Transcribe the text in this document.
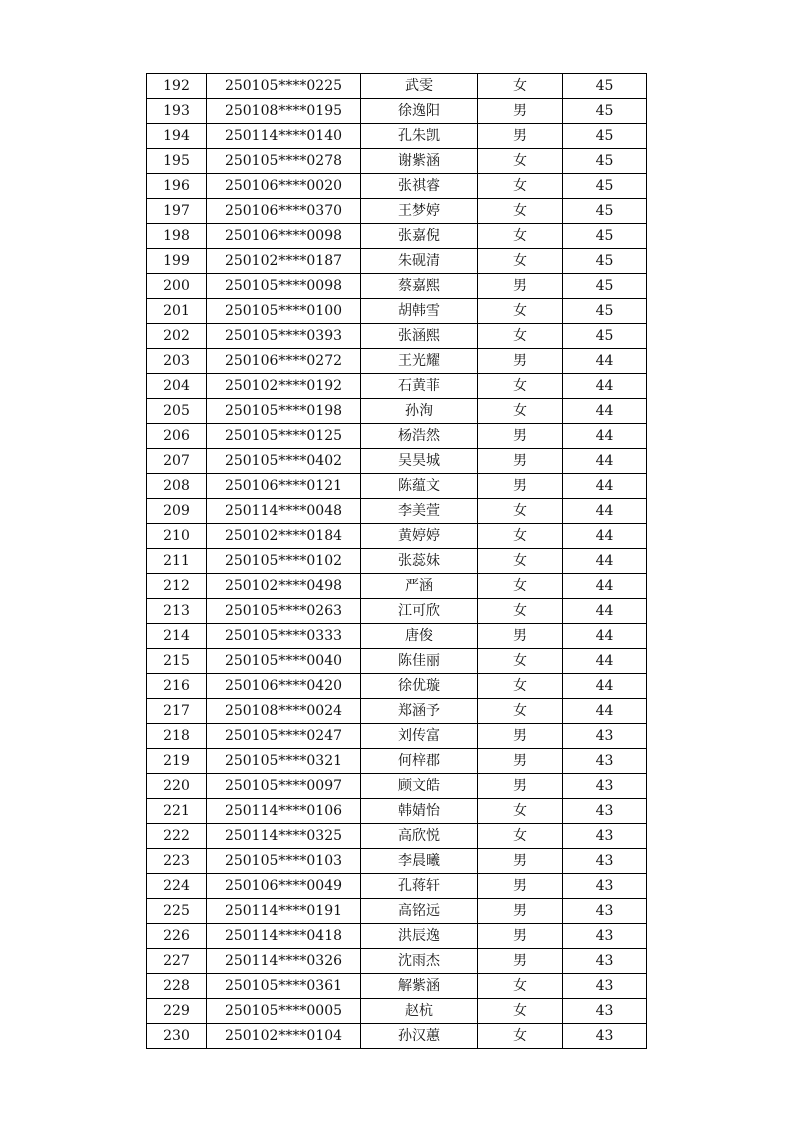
192	250105****0225	武雯	女	45
193	250108****0195	徐逸阳	男	45
194	250114****0140	孔朱凯	男	45
195	250105****0278	谢紫涵	女	45
196	250106****0020	张祺睿	女	45
197	250106****0370	王梦婷	女	45
198	250106****0098	张嘉倪	女	45
199	250102****0187	朱砚清	女	45
200	250105****0098	蔡嘉熙	男	45
201	250105****0100	胡韩雪	女	45
202	250105****0393	张涵熙	女	45
203	250106****0272	王光耀	男	44
204	250102****0192	石黄菲	女	44
205	250105****0198	孙洵	女	44
206	250105****0125	杨浩然	男	44
207	250105****0402	吴昊城	男	44
208	250106****0121	陈蕴文	男	44
209	250114****0048	李美萱	女	44
210	250102****0184	黄婷婷	女	44
211	250105****0102	张蕊妹	女	44
212	250102****0498	严涵	女	44
213	250105****0263	江可欣	女	44
214	250105****0333	唐俊	男	44
215	250105****0040	陈佳丽	女	44
216	250106****0420	徐优璇	女	44
217	250108****0024	郑涵予	女	44
218	250105****0247	刘传富	男	43
219	250105****0321	何梓郡	男	43
220	250105****0097	顾文皓	男	43
221	250114****0106	韩婧怡	女	43
222	250114****0325	高欣悦	女	43
223	250105****0103	李晨曦	男	43
224	250106****0049	孔蒋轩	男	43
225	250114****0191	高铭远	男	43
226	250114****0418	洪辰逸	男	43
227	250114****0326	沈雨杰	男	43
228	250105****0361	解紫涵	女	43
229	250105****0005	赵杭	女	43
230	250102****0104	孙汉蕙	女	43
